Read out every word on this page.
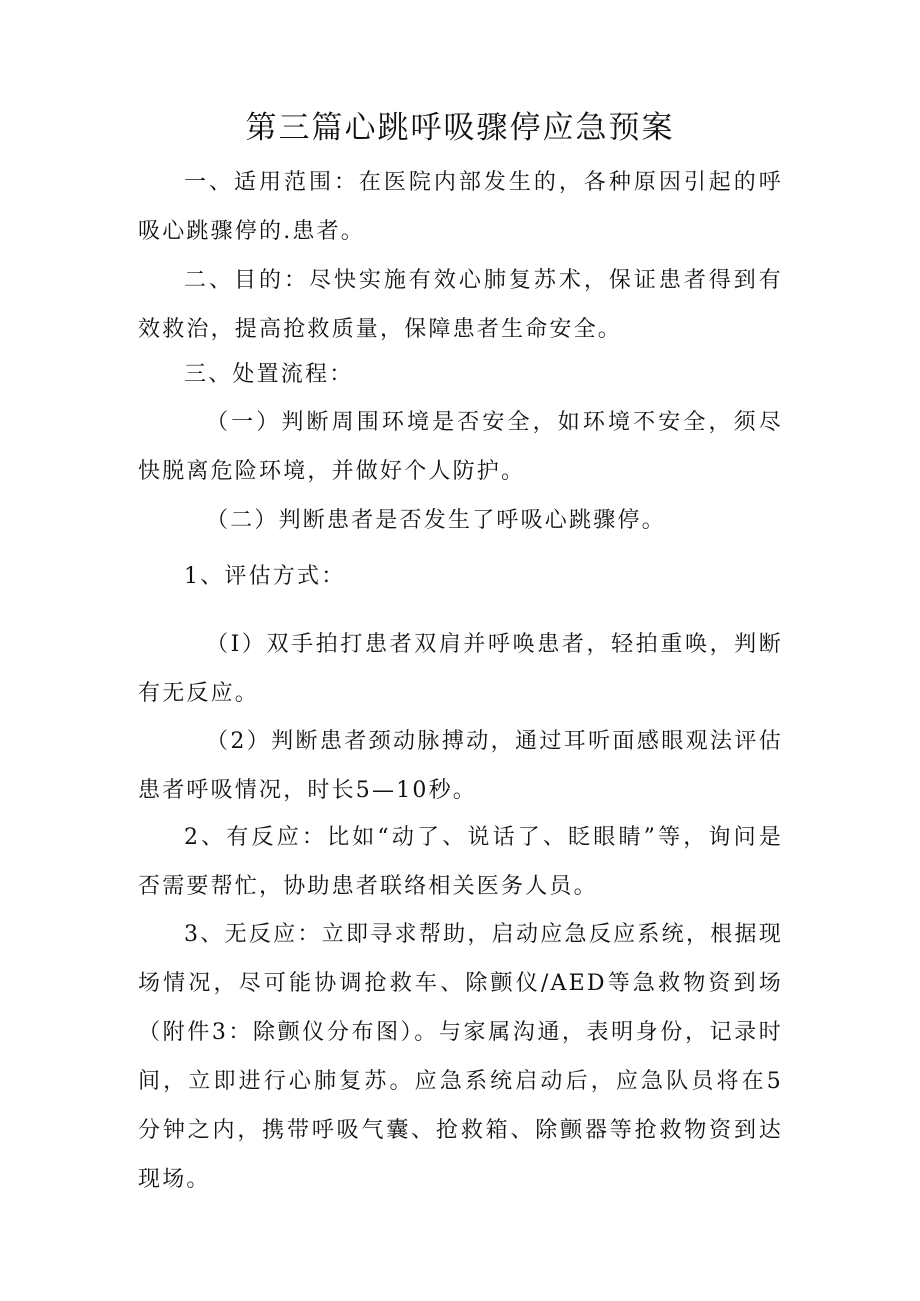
第三篇心跳呼吸骤停应急预案

一、适用范围：在医院内部发生的，各种原因引起的呼吸心跳骤停的.患者。

二、目的：尽快实施有效心肺复苏术，保证患者得到有效救治，提高抢救质量，保障患者生命安全。

三、处置流程：

（一）判断周围环境是否安全，如环境不安全，须尽快脱离危险环境，并做好个人防护。

（二）判断患者是否发生了呼吸心跳骤停。

1、评估方式：

（I）双手拍打患者双肩并呼唤患者，轻拍重唤，判断有无反应。

（2）判断患者颈动脉搏动，通过耳听面感眼观法评估患者呼吸情况，时长5—10秒。

2、有反应：比如“动了、说话了、眨眼睛”等，询问是否需要帮忙，协助患者联络相关医务人员。

3、无反应：立即寻求帮助，启动应急反应系统，根据现场情况，尽可能协调抢救车、除颤仪/AED等急救物资到场（附件3：除颤仪分布图）。与家属沟通，表明身份，记录时间，立即进行心肺复苏。应急系统启动后，应急队员将在5分钟之内，携带呼吸气囊、抢救箱、除颤器等抢救物资到达现场。
